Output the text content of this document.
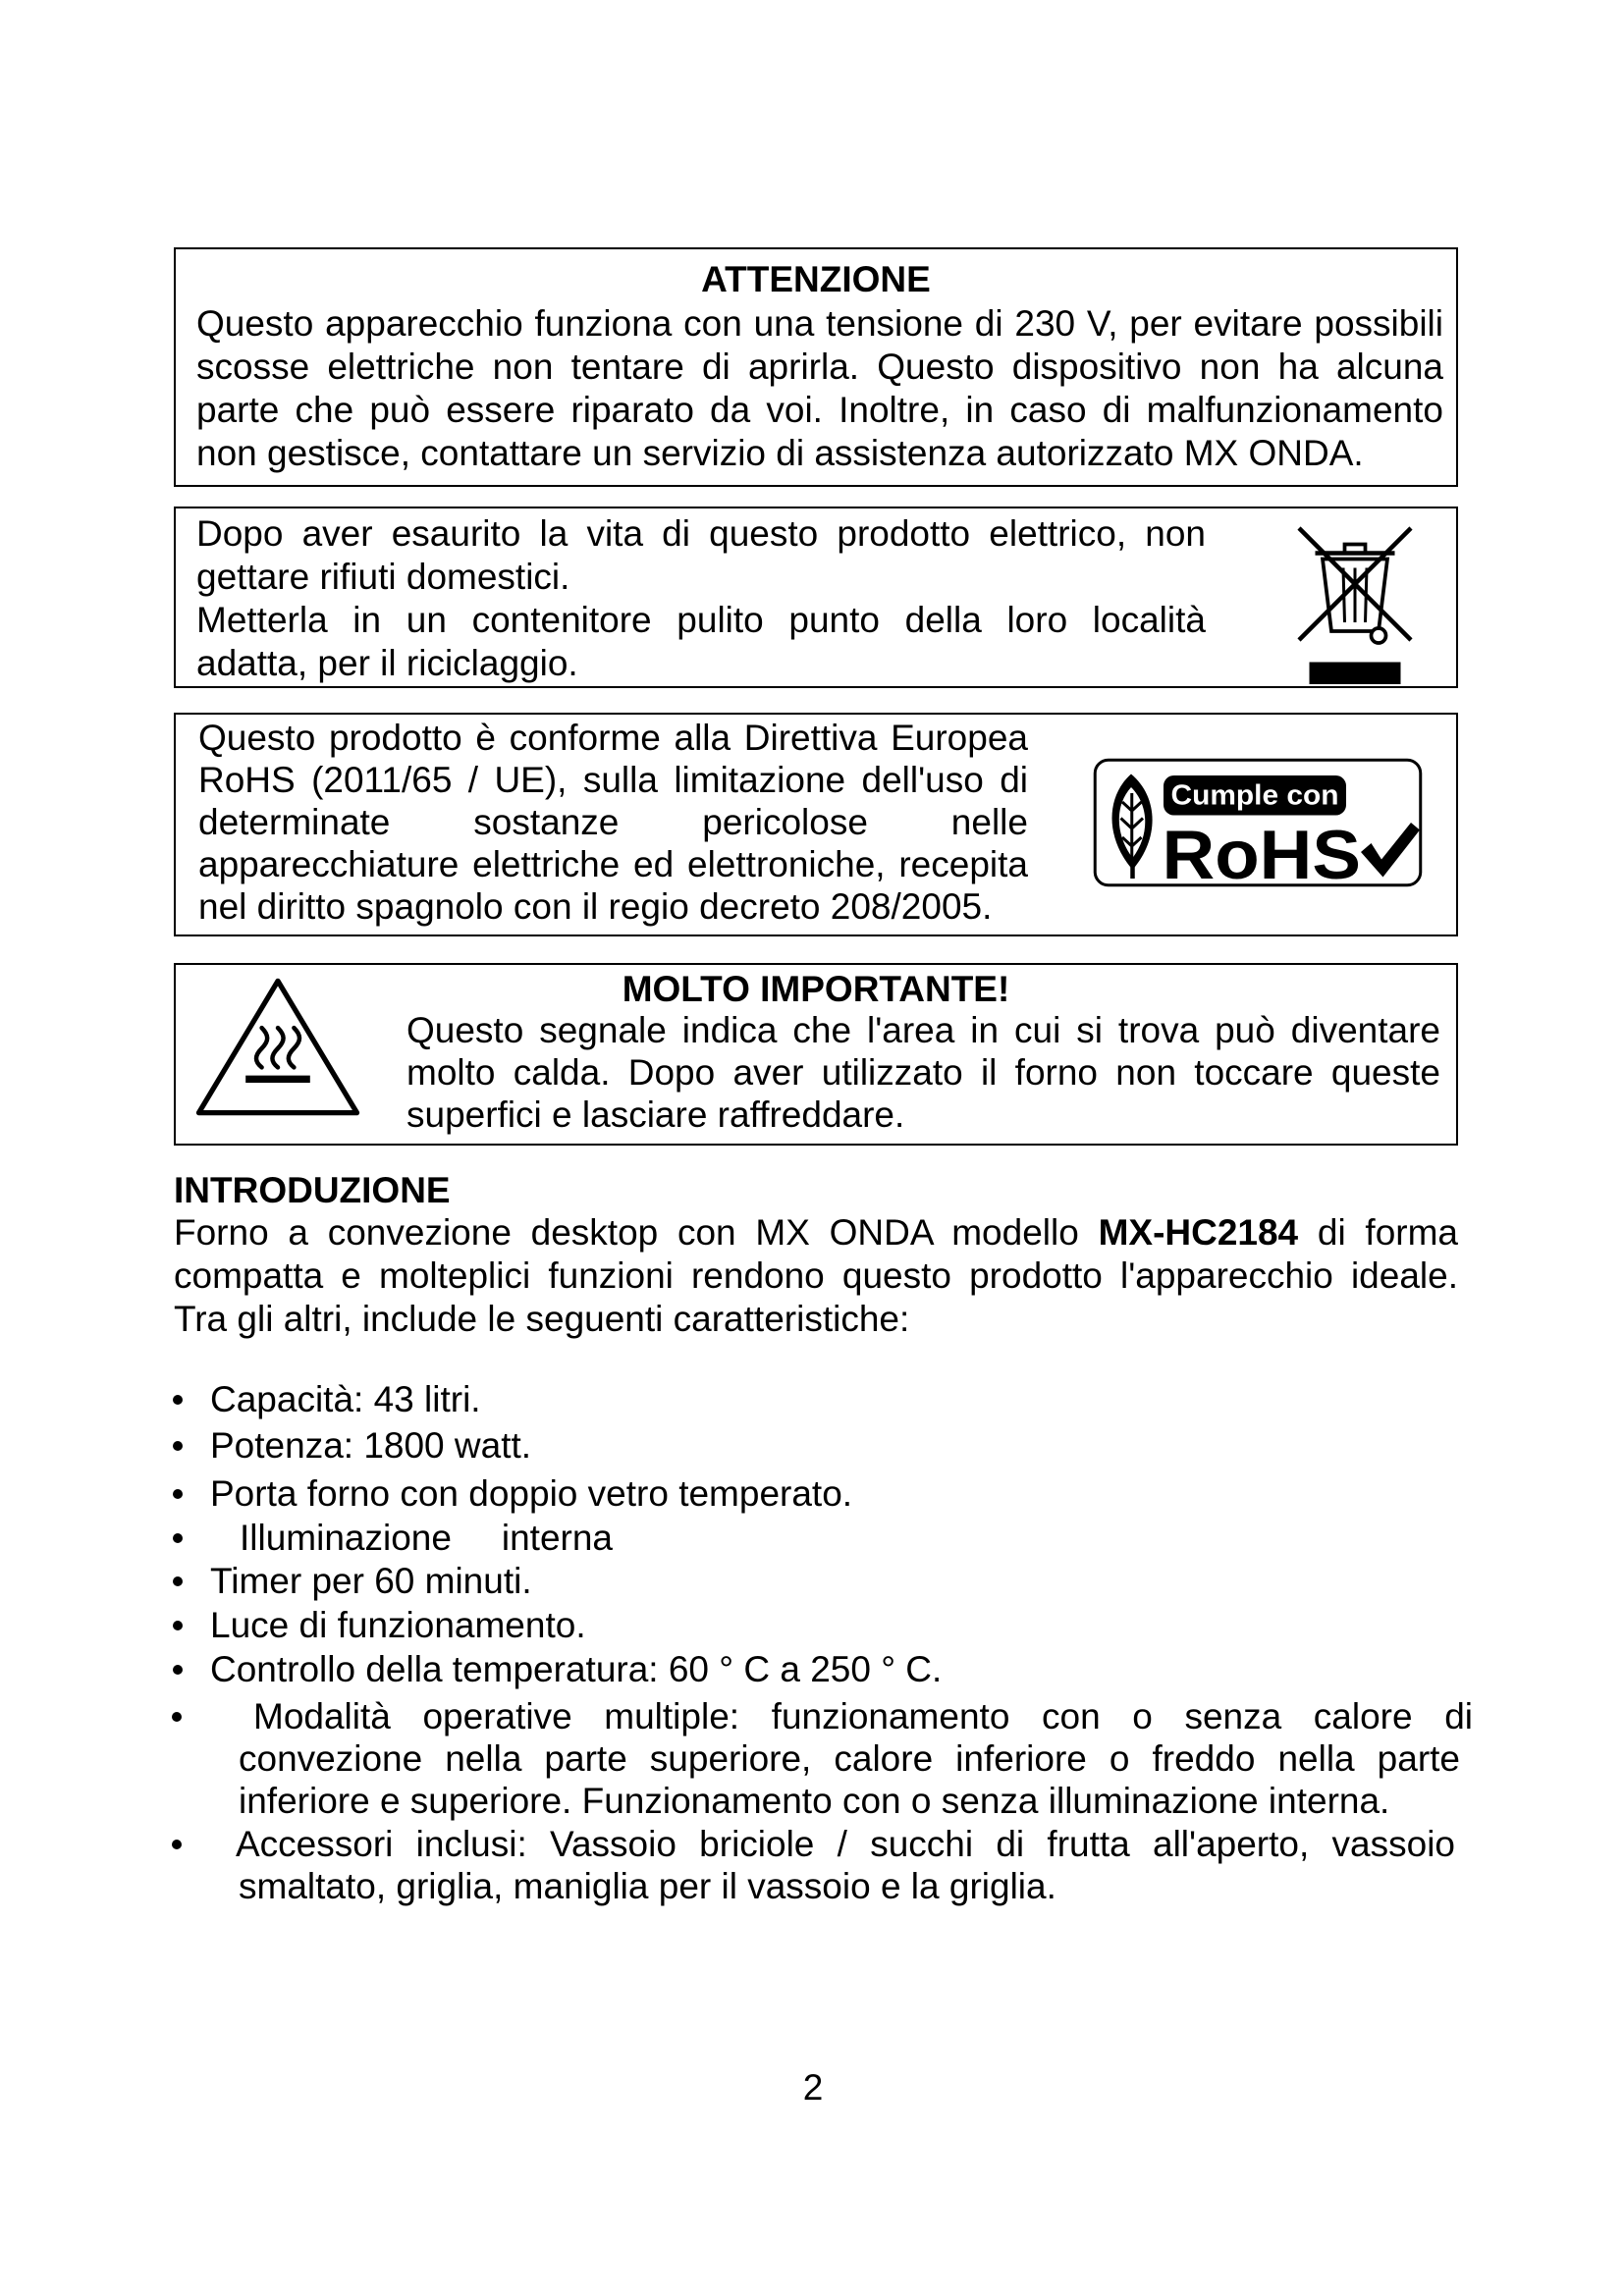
ATTENZIONE
Questo apparecchio funziona con una tensione di 230 V, per evitare possibili
scosse elettriche non tentare di aprirla. Questo dispositivo non ha alcuna
parte che può essere riparato da voi. Inoltre, in caso di malfunzionamento
non gestisce, contattare un servizio di assistenza autorizzato MX ONDA.
Dopo aver esaurito la vita di questo prodotto elettrico, non
gettare rifiuti domestici.
Metterla in un contenitore pulito punto della loro località
adatta, per il riciclaggio.
Questo prodotto è conforme alla Direttiva Europea
RoHS (2011/65 / UE), sulla limitazione dell'uso di
determinate sostanze pericolose nelle
apparecchiature elettriche ed elettroniche, recepita
nel diritto spagnolo con il regio decreto 208/2005.
Cumple con
RoHS
MOLTO IMPORTANTE!
Questo segnale indica che l'area in cui si trova può diventare
molto calda. Dopo aver utilizzato il forno non toccare queste
superfici e lasciare raffreddare.
INTRODUZIONE
Forno a convezione desktop con MX ONDA modello MX-HC2184 di forma
compatta e molteplici funzioni rendono questo prodotto l'apparecchio ideale.
Tra gli altri, include le seguenti caratteristiche:
Capacità: 43 litri.
Potenza: 1800 watt.
Porta forno con doppio vetro temperato.
Illuminazione interna
Timer per 60 minuti.
Luce di funzionamento.
Controllo della temperatura: 60 ° C a 250 ° C.
Modalità operative multiple: funzionamento con o senza calore di
convezione nella parte superiore, calore inferiore o freddo nella parte
inferiore e superiore. Funzionamento con o senza illuminazione interna.
Accessori inclusi: Vassoio briciole / succhi di frutta all'aperto, vassoio
smaltato, griglia, maniglia per il vassoio e la griglia.
2
